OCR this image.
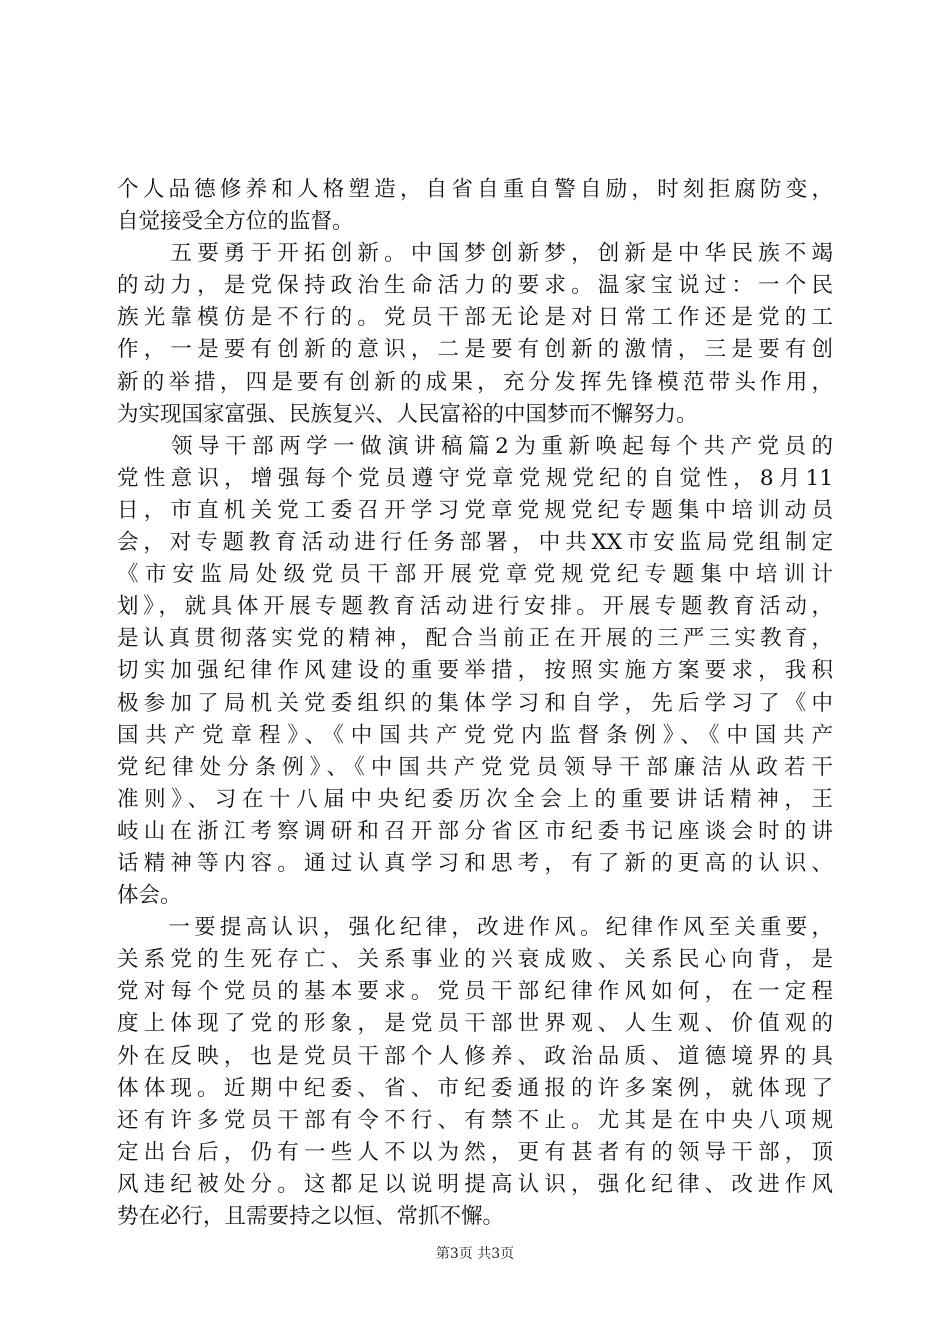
个人品德修养和人格塑造，自省自重自警自励，时刻拒腐防变，
自觉接受全方位的监督。
　　五要勇于开拓创新。中国梦创新梦，创新是中华民族不竭
的动力，是党保持政治生命活力的要求。温家宝说过：一个民
族光靠模仿是不行的。党员干部无论是对日常工作还是党的工
作，一是要有创新的意识，二是要有创新的激情，三是要有创
新的举措，四是要有创新的成果，充分发挥先锋模范带头作用，
为实现国家富强、民族复兴、人民富裕的中国梦而不懈努力。
　　领导干部两学一做演讲稿篇2为重新唤起每个共产党员的
党性意识，增强每个党员遵守党章党规党纪的自觉性，8月11
日，市直机关党工委召开学习党章党规党纪专题集中培训动员
会，对专题教育活动进行任务部署，中共XX市安监局党组制定
《市安监局处级党员干部开展党章党规党纪专题集中培训计
划》，就具体开展专题教育活动进行安排。开展专题教育活动，
是认真贯彻落实党的精神，配合当前正在开展的三严三实教育，
切实加强纪律作风建设的重要举措，按照实施方案要求，我积
极参加了局机关党委组织的集体学习和自学，先后学习了《中
国共产党章程》、《中国共产党党内监督条例》、《中国共产
党纪律处分条例》、《中国共产党党员领导干部廉洁从政若干
准则》、习在十八届中央纪委历次全会上的重要讲话精神，王
岐山在浙江考察调研和召开部分省区市纪委书记座谈会时的讲
话精神等内容。通过认真学习和思考，有了新的更高的认识、
体会。
　　一要提高认识，强化纪律，改进作风。纪律作风至关重要，
关系党的生死存亡、关系事业的兴衰成败、关系民心向背，是
党对每个党员的基本要求。党员干部纪律作风如何，在一定程
度上体现了党的形象，是党员干部世界观、人生观、价值观的
外在反映，也是党员干部个人修养、政治品质、道德境界的具
体体现。近期中纪委、省、市纪委通报的许多案例，就体现了
还有许多党员干部有令不行、有禁不止。尤其是在中央八项规
定出台后，仍有一些人不以为然，更有甚者有的领导干部，顶
风违纪被处分。这都足以说明提高认识，强化纪律、改进作风
势在必行，且需要持之以恒、常抓不懈。
第3页 共3页
